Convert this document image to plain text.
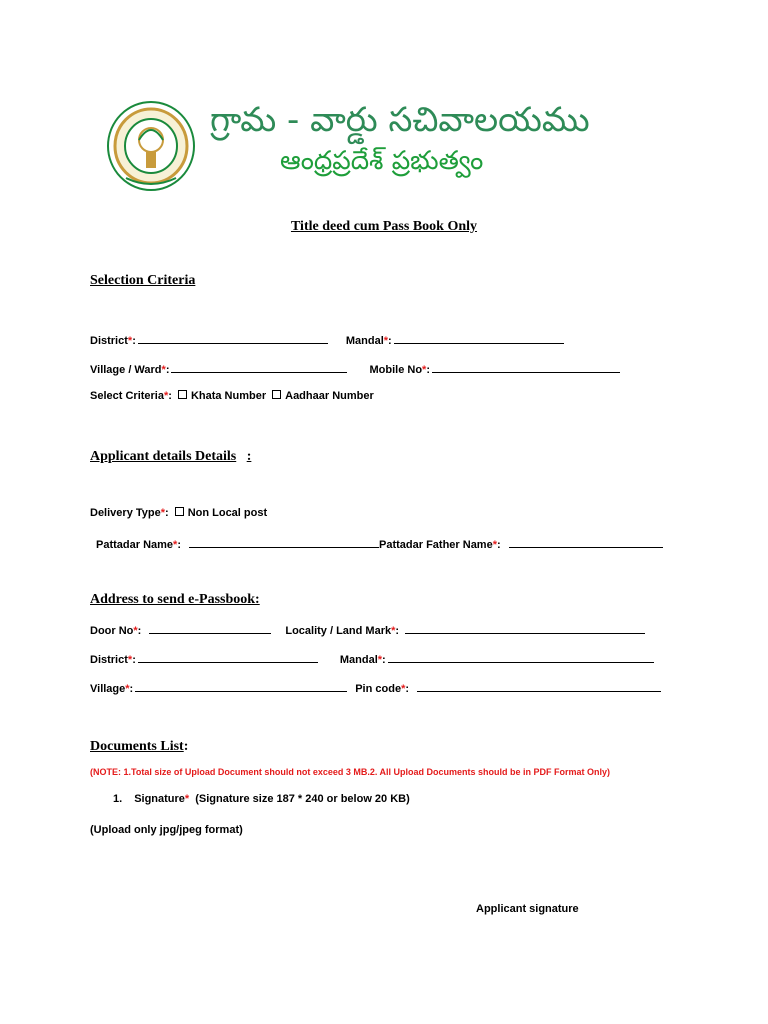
గ్రామ - వార్డు సచివాలయము
ఆంధ్రప్రదేశ్ ప్రభుత్వం
Title deed cum Pass Book Only
Selection Criteria
District * :	Mandal * :
Village / Ward * :	Mobile No * :
Select Criteria * : Khata Number Aadhaar Number
Applicant details Details :
Delivery Type * : Non Local post
Pattadar Name * :	Pattadar Father Name * :
Address to send e-Passbook:
Door No * :	Locality / Land Mark * :
District * :	Mandal * :
Village * :	Pin code * :
Documents List:
(NOTE: 1.Total size of Upload Document should not exceed 3 MB.2. All Upload Documents should be in PDF Format Only)
1. Signature * (Signature size 187 * 240 or below 20 KB)
(Upload only jpg/jpeg format)
Applicant signature
